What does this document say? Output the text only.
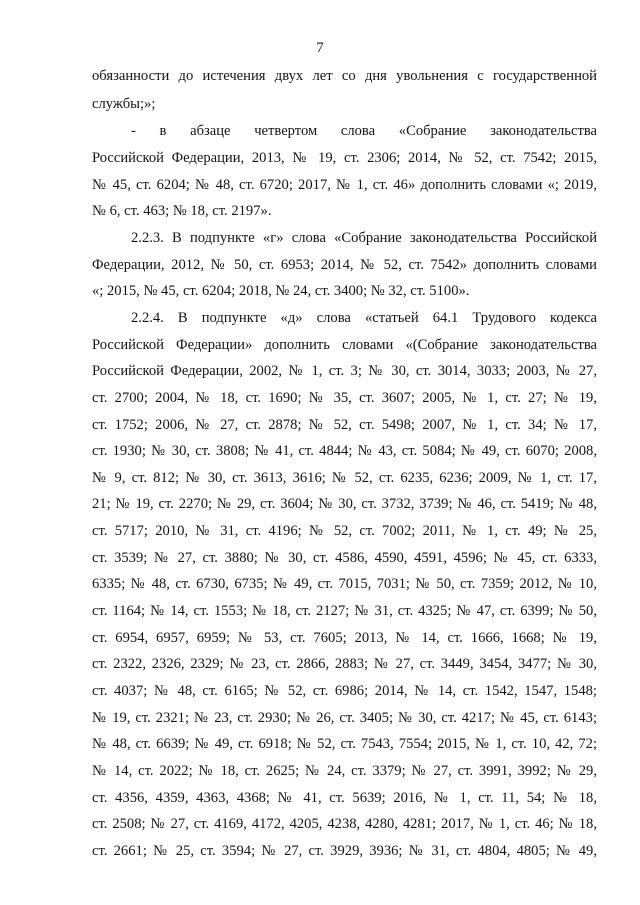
7
обязанности до истечения двух лет со дня увольнения с государственной
службы;»;
- в абзаце четвертом слова «Собрание законодательства
Российской Федерации, 2013, № 19, ст. 2306; 2014, № 52, ст. 7542; 2015,
№ 45, ст. 6204; № 48, ст. 6720; 2017, № 1, ст. 46» дополнить словами «; 2019,
№ 6, ст. 463; № 18, ст. 2197».
2.2.3. В подпункте «г» слова «Собрание законодательства Российской
Федерации, 2012, № 50, ст. 6953; 2014, № 52, ст. 7542» дополнить словами
«; 2015, № 45, ст. 6204; 2018, № 24, ст. 3400; № 32, ст. 5100».
2.2.4. В подпункте «д» слова «статьей 64.1 Трудового кодекса
Российской Федерации» дополнить словами «(Собрание законодательства
Российской Федерации, 2002, № 1, ст. 3; № 30, ст. 3014, 3033; 2003, № 27,
ст. 2700; 2004, № 18, ст. 1690; № 35, ст. 3607; 2005, № 1, ст. 27; № 19,
ст. 1752; 2006, № 27, ст. 2878; № 52, ст. 5498; 2007, № 1, ст. 34; № 17,
ст. 1930; № 30, ст. 3808; № 41, ст. 4844; № 43, ст. 5084; № 49, ст. 6070; 2008,
№ 9, ст. 812; № 30, ст. 3613, 3616; № 52, ст. 6235, 6236; 2009, № 1, ст. 17,
21; № 19, ст. 2270; № 29, ст. 3604; № 30, ст. 3732, 3739; № 46, ст. 5419; № 48,
ст. 5717; 2010, № 31, ст. 4196; № 52, ст. 7002; 2011, № 1, ст. 49; № 25,
ст. 3539; № 27, ст. 3880; № 30, ст. 4586, 4590, 4591, 4596; № 45, ст. 6333,
6335; № 48, ст. 6730, 6735; № 49, ст. 7015, 7031; № 50, ст. 7359; 2012, № 10,
ст. 1164; № 14, ст. 1553; № 18, ст. 2127; № 31, ст. 4325; № 47, ст. 6399; № 50,
ст. 6954, 6957, 6959; № 53, ст. 7605; 2013, № 14, ст. 1666, 1668; № 19,
ст. 2322, 2326, 2329; № 23, ст. 2866, 2883; № 27, ст. 3449, 3454, 3477; № 30,
ст. 4037; № 48, ст. 6165; № 52, ст. 6986; 2014, № 14, ст. 1542, 1547, 1548;
№ 19, ст. 2321; № 23, ст. 2930; № 26, ст. 3405; № 30, ст. 4217; № 45, ст. 6143;
№ 48, ст. 6639; № 49, ст. 6918; № 52, ст. 7543, 7554; 2015, № 1, ст. 10, 42, 72;
№ 14, ст. 2022; № 18, ст. 2625; № 24, ст. 3379; № 27, ст. 3991, 3992; № 29,
ст. 4356, 4359, 4363, 4368; № 41, ст. 5639; 2016, № 1, ст. 11, 54; № 18,
ст. 2508; № 27, ст. 4169, 4172, 4205, 4238, 4280, 4281; 2017, № 1, ст. 46; № 18,
ст. 2661; № 25, ст. 3594; № 27, ст. 3929, 3936; № 31, ст. 4804, 4805; № 49,
